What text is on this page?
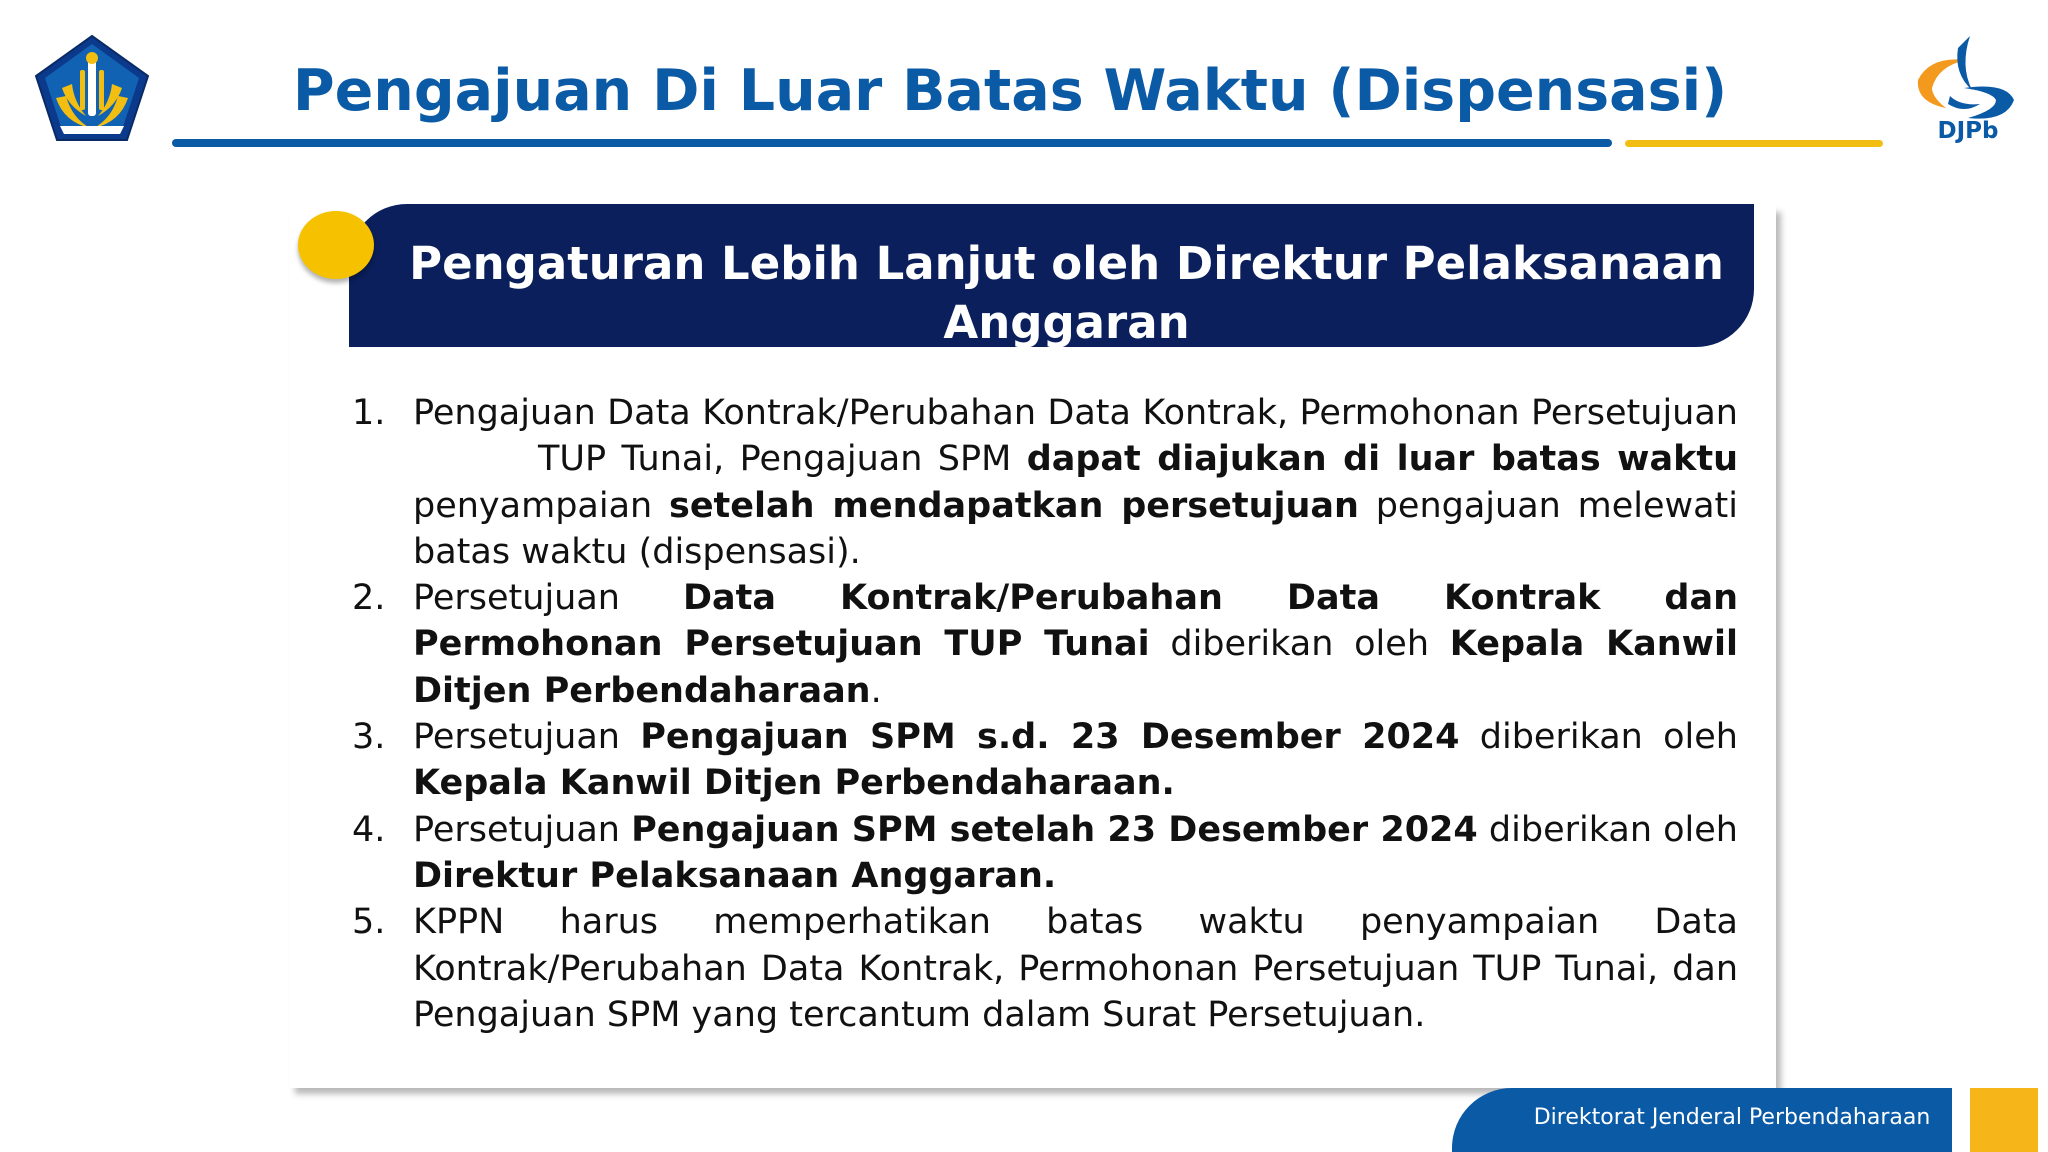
Pengajuan Di Luar Batas Waktu (Dispensasi)
DJPb
Pengaturan Lebih Lanjut oleh Direktur Pelaksanaan Anggaran
1. Pengajuan Data Kontrak/Perubahan Data Kontrak, Permohonan Persetujuan TUP Tunai, Pengajuan SPM dapat diajukan di luar batas waktu penyampaian setelah mendapatkan persetujuan pengajuan melewati batas waktu (dispensasi).
2. Persetujuan Data Kontrak/Perubahan Data Kontrak dan Permohonan Persetujuan TUP Tunai diberikan oleh Kepala Kanwil Ditjen Perbendaharaan.
3. Persetujuan Pengajuan SPM s.d. 23 Desember 2024 diberikan oleh Kepala Kanwil Ditjen Perbendaharaan.
4. Persetujuan Pengajuan SPM setelah 23 Desember 2024 diberikan oleh Direktur Pelaksanaan Anggaran.
5. KPPN harus memperhatikan batas waktu penyampaian Data Kontrak/Perubahan Data Kontrak, Permohonan Persetujuan TUP Tunai, dan Pengajuan SPM yang tercantum dalam Surat Persetujuan.
Direktorat Jenderal Perbendaharaan
